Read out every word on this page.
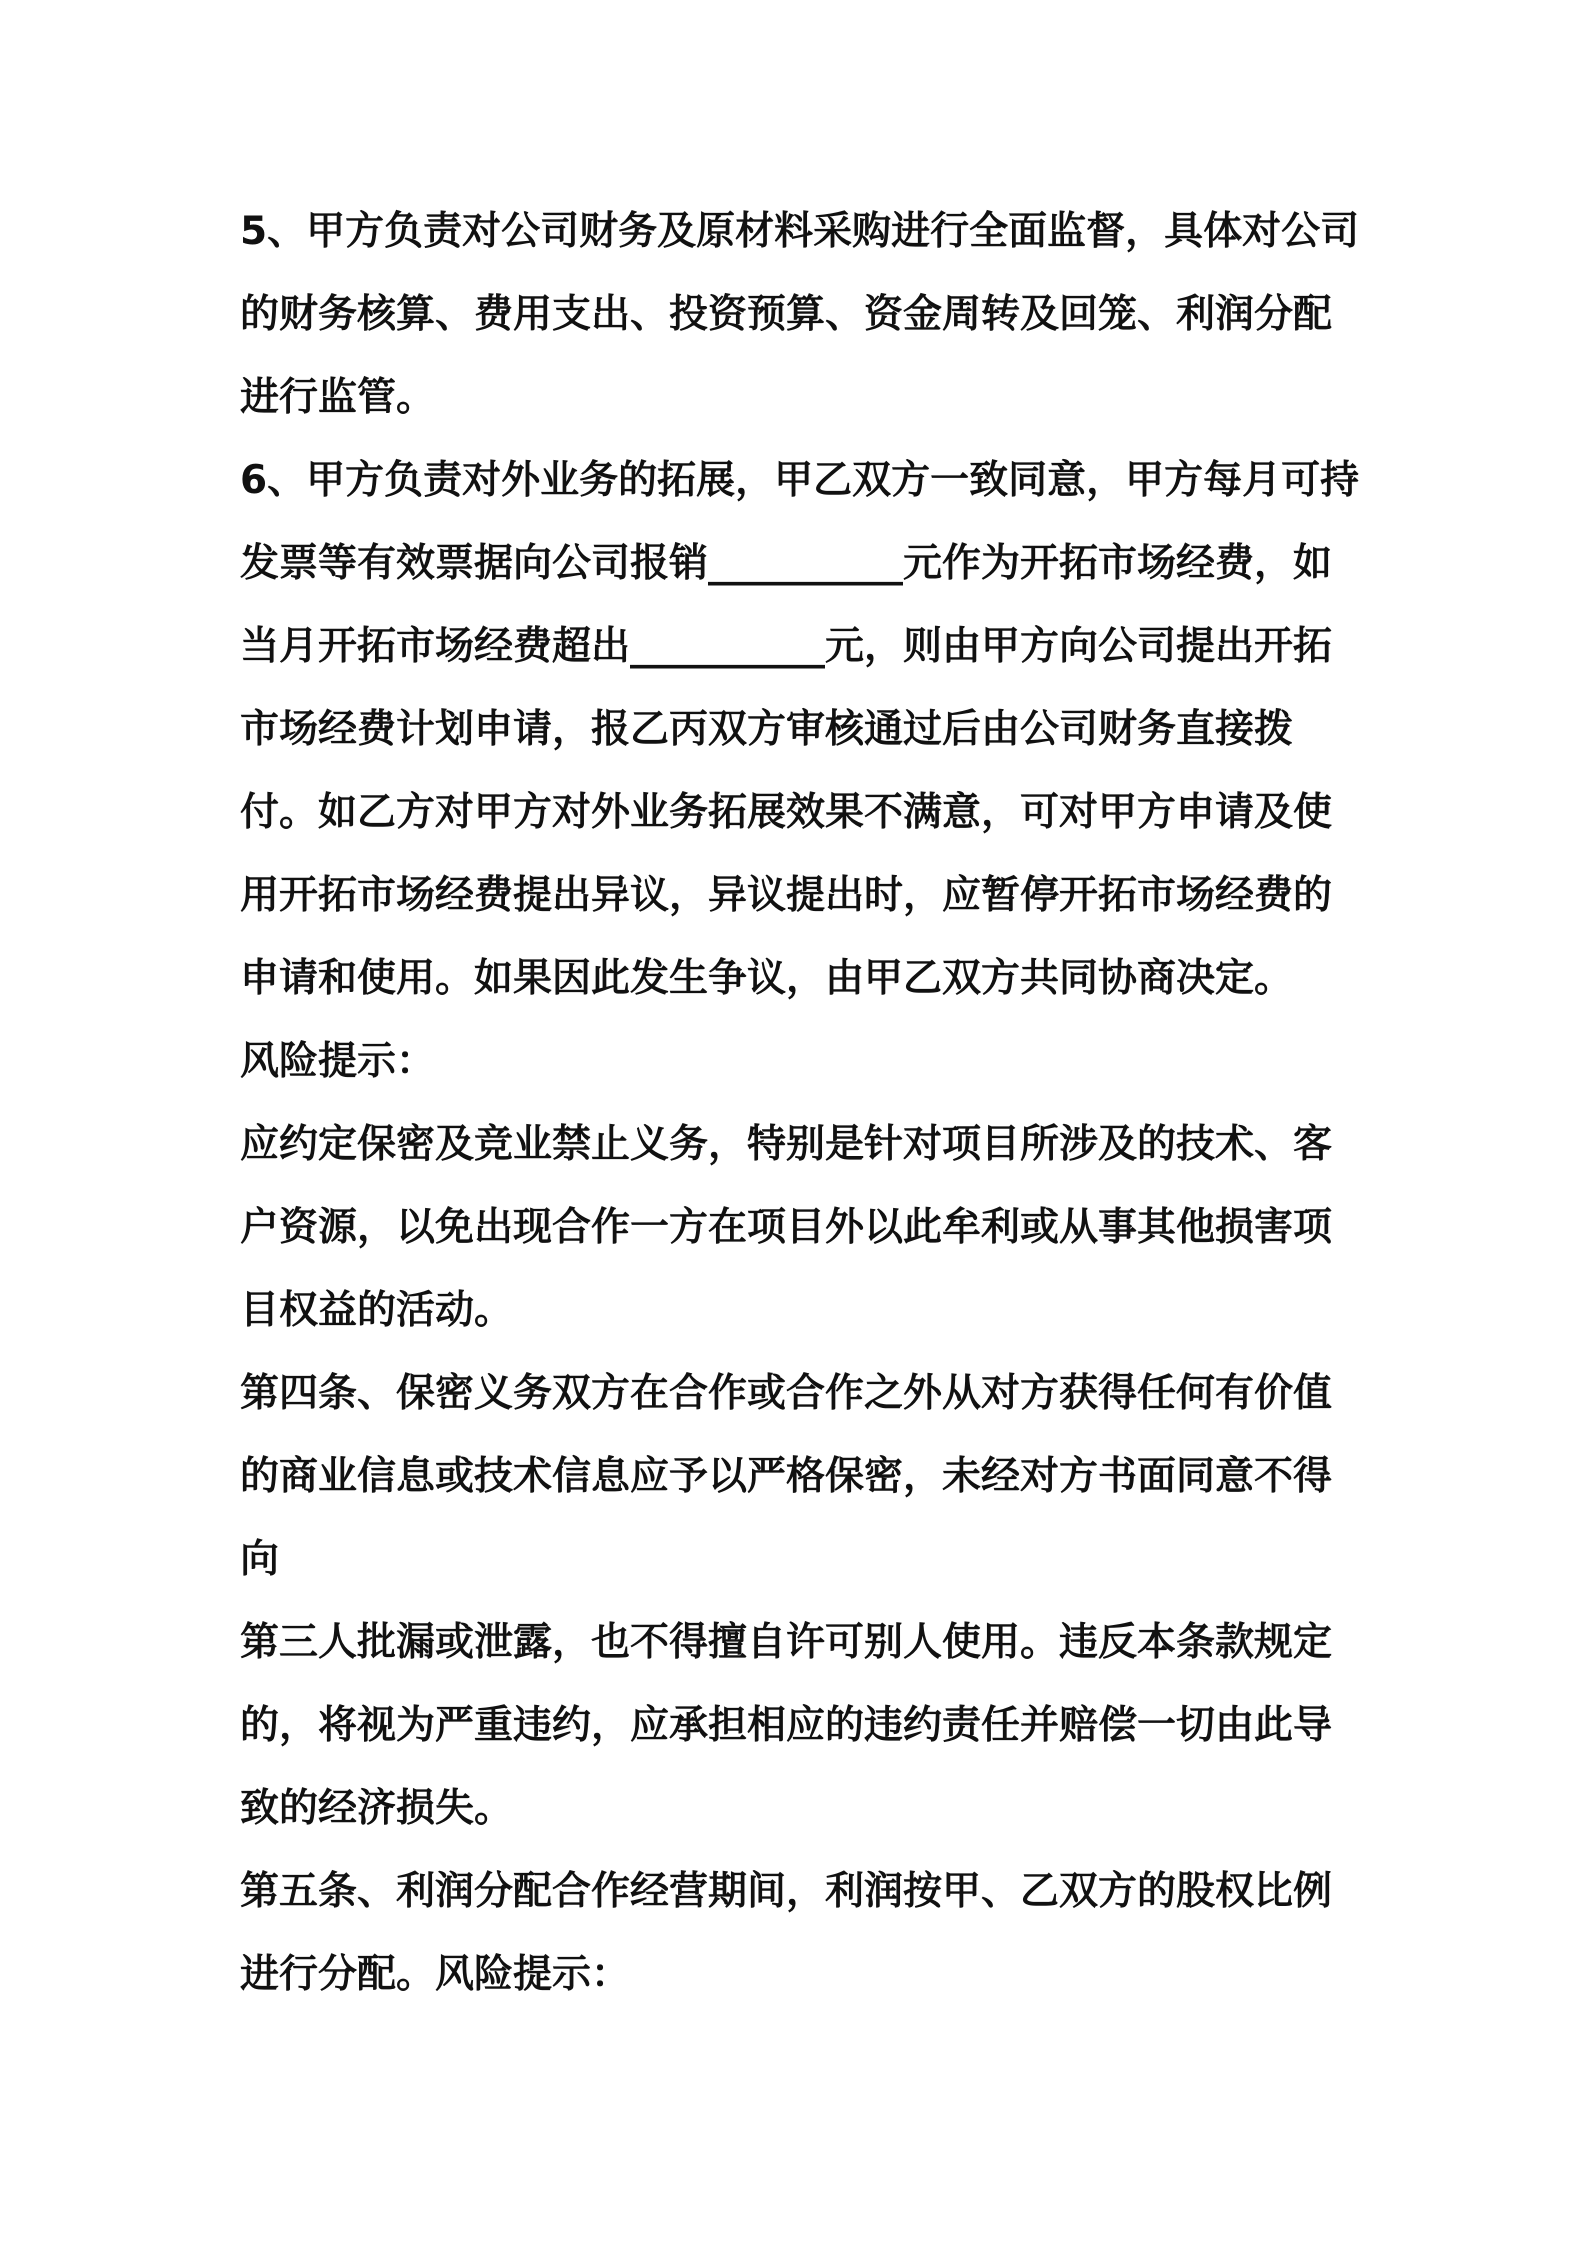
5、甲方负责对公司财务及原材料采购进行全面监督，具体对公司的财务核算、费用支出、投资预算、资金周转及回笼、利润分配进行监管。

6、甲方负责对外业务的拓展，甲乙双方一致同意，甲方每月可持发票等有效票据向公司报销__________元作为开拓市场经费，如当月开拓市场经费超出__________元，则由甲方向公司提出开拓市场经费计划申请，报乙丙双方审核通过后由公司财务直接拨付。如乙方对甲方对外业务拓展效果不满意，可对甲方申请及使用开拓市场经费提出异议，异议提出时，应暂停开拓市场经费的申请和使用。如果因此发生争议，由甲乙双方共同协商决定。

风险提示：

应约定保密及竞业禁止义务，特别是针对项目所涉及的技术、客户资源，以免出现合作一方在项目外以此牟利或从事其他损害项目权益的活动。

第四条、保密义务双方在合作或合作之外从对方获得任何有价值的商业信息或技术信息应予以严格保密，未经对方书面同意不得向

第三人批漏或泄露，也不得擅自许可别人使用。违反本条款规定的，将视为严重违约，应承担相应的违约责任并赔偿一切由此导致的经济损失。

第五条、利润分配合作经营期间，利润按甲、乙双方的股权比例进行分配。风险提示：
